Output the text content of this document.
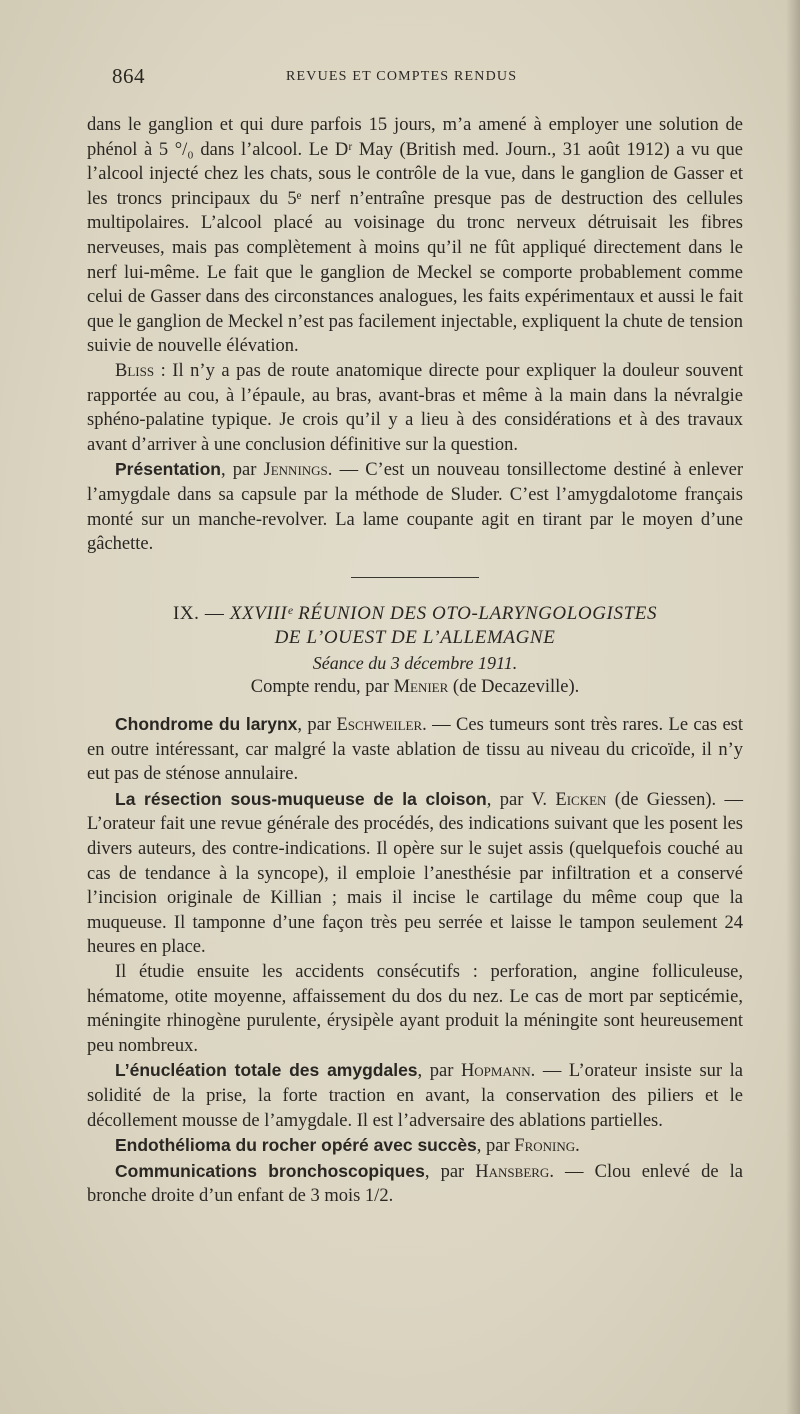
864	REVUES ET COMPTES RENDUS

dans le ganglion et qui dure parfois 15 jours, m’a amené à employer une solution de phénol à 5 °/₀ dans l’alcool. Le Dʳ May (British med. Journ., 31 août 1912) a vu que l’alcool injecté chez les chats, sous le contrôle de la vue, dans le ganglion de Gasser et les troncs principaux du 5ᵉ nerf n’entraîne presque pas de destruction des cellules multipolaires. L’alcool placé au voisinage du tronc nerveux détruisait les fibres nerveuses, mais pas complètement à moins qu’il ne fût appliqué directement dans le nerf lui-même. Le fait que le ganglion de Meckel se comporte probablement comme celui de Gasser dans des circonstances analogues, les faits expérimentaux et aussi le fait que le ganglion de Meckel n’est pas facilement injectable, expliquent la chute de tension suivie de nouvelle élévation.

Bliss : Il n’y a pas de route anatomique directe pour expliquer la douleur souvent rapportée au cou, à l’épaule, au bras, avant-bras et même à la main dans la névralgie sphéno-palatine typique. Je crois qu’il y a lieu à des considérations et à des travaux avant d’arriver à une conclusion définitive sur la question.

Présentation, par Jennings. — C’est un nouveau tonsillectome destiné à enlever l’amygdale dans sa capsule par la méthode de Sluder. C’est l’amygdalotome français monté sur un manche-revolver. La lame coupante agit en tirant par le moyen d’une gâchette.

IX. — XXVIIIᵉ RÉUNION DES OTO-LARYNGOLOGISTES
DE L’OUEST DE L’ALLEMAGNE
Séance du 3 décembre 1911.
Compte rendu, par Menier (de Decazeville).

Chondrome du larynx, par Eschweiler. — Ces tumeurs sont très rares. Le cas est en outre intéressant, car malgré la vaste ablation de tissu au niveau du cricoïde, il n’y eut pas de sténose annulaire.

La résection sous-muqueuse de la cloison, par V. Eicken (de Giessen). — L’orateur fait une revue générale des procédés, des indications suivant que les posent les divers auteurs, des contre-indications. Il opère sur le sujet assis (quelquefois couché au cas de tendance à la syncope), il emploie l’anesthésie par infiltration et a conservé l’incision originale de Killian ; mais il incise le cartilage du même coup que la muqueuse. Il tamponne d’une façon très peu serrée et laisse le tampon seulement 24 heures en place.

Il étudie ensuite les accidents consécutifs : perforation, angine folliculeuse, hématome, otite moyenne, affaissement du dos du nez. Le cas de mort par septicémie, méningite rhinogène purulente, érysipèle ayant produit la méningite sont heureusement peu nombreux.

L’énucléation totale des amygdales, par Hopmann. — L’orateur insiste sur la solidité de la prise, la forte traction en avant, la conservation des piliers et le décollement mousse de l’amygdale. Il est l’adversaire des ablations partielles.

Endothélioma du rocher opéré avec succès, par Froning.

Communications bronchoscopiques, par Hansberg. — Clou enlevé de la bronche droite d’un enfant de 3 mois 1/2.
